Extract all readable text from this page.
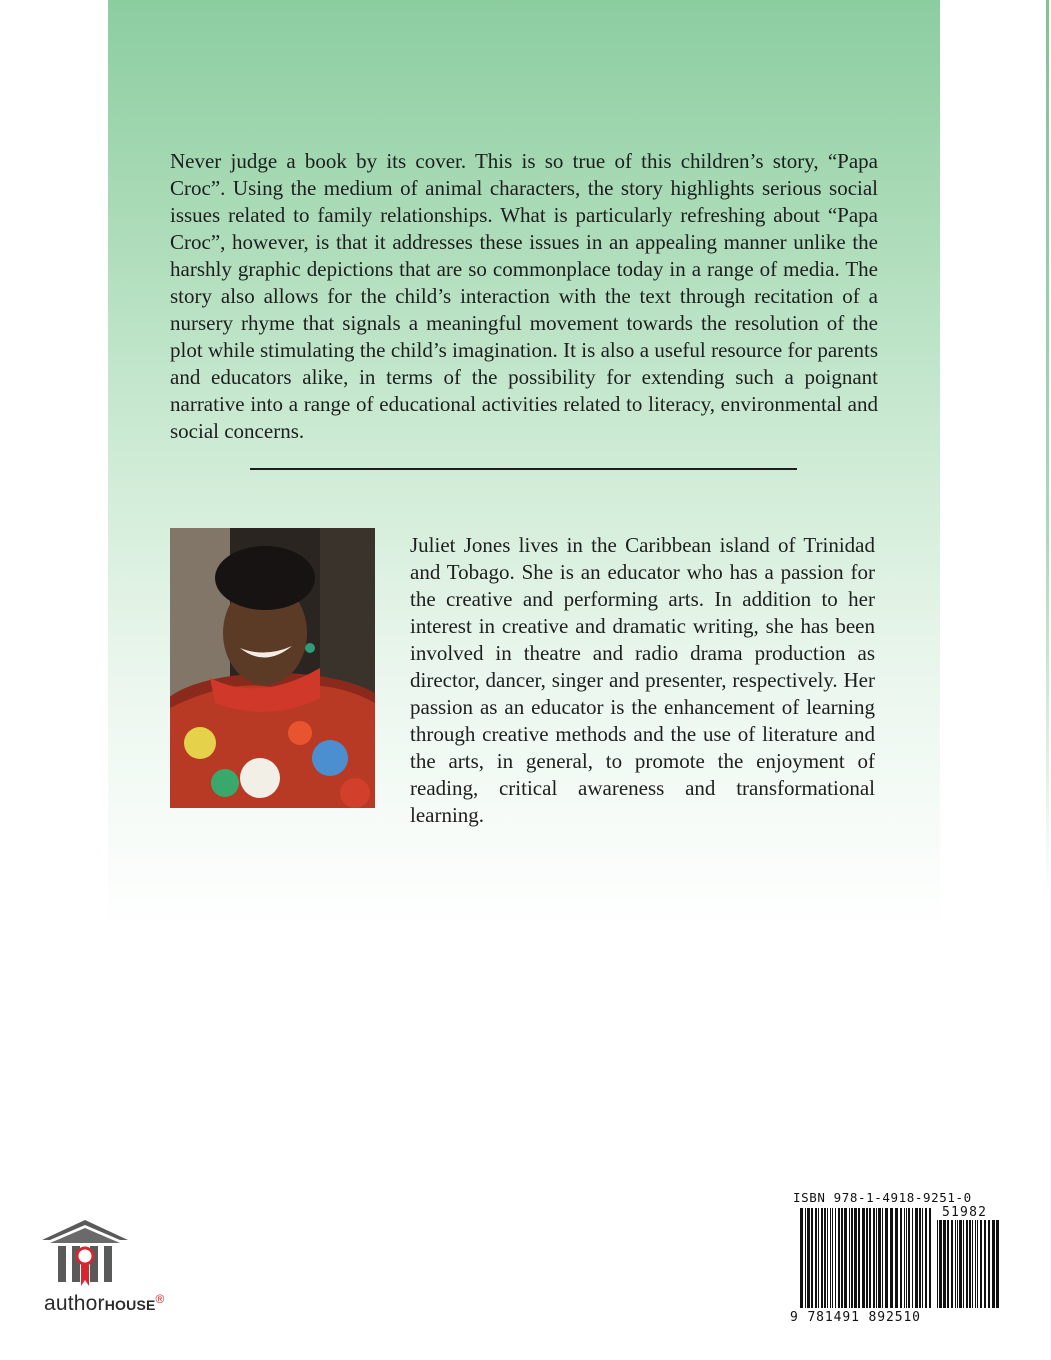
Never judge a book by its cover. This is so true of this children’s story, “Papa Croc”. Using the medium of animal characters, the story highlights serious social issues related to family relationships. What is particularly refreshing about “Papa Croc”, however, is that it addresses these issues in an appealing manner unlike the harshly graphic depictions that are so commonplace today in a range of media. The story also allows for the child’s interaction with the text through recitation of a nursery rhyme that signals a meaningful movement towards the resolution of the plot while stimulating the child’s imagination. It is also a useful resource for parents and educators alike, in terms of the possibility for extending such a poignant narrative into a range of educational activities related to literacy, environmental and social concerns.

Juliet Jones lives in the Caribbean island of Trinidad and Tobago. She is an educator who has a passion for the creative and performing arts. In addition to her interest in creative and dramatic writing, she has been involved in theatre and radio drama production as director, dancer, singer and presenter, respectively. Her passion as an educator is the enhancement of learning through creative methods and the use of literature and the arts, in general, to promote the enjoyment of reading, critical awareness and transformational learning.

authorHOUSE®

ISBN 978-1-4918-9251-0

51982

9 781491 892510
